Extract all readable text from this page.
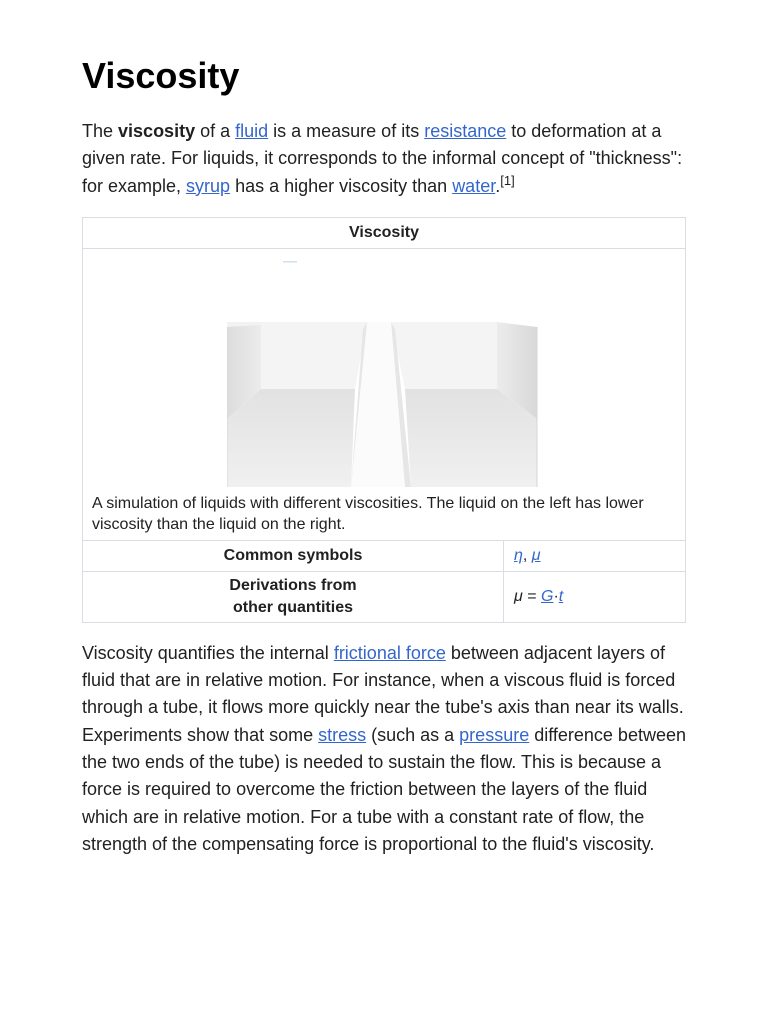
Viscosity

The viscosity of a fluid is a measure of its resistance to deformation at a given rate. For liquids, it corresponds to the informal concept of "thickness": for example, syrup has a higher viscosity than water.[1]

Viscosity	

A simulation of liquids with different viscosities. The liquid on the left has lower viscosity than the liquid on the right.	

Common symbols	η, μ
Derivations from
other quantities	μ = G·t

Viscosity quantifies the internal frictional force between adjacent layers of fluid that are in relative motion. For instance, when a viscous fluid is forced through a tube, it flows more quickly near the tube's axis than near its walls. Experiments show that some stress (such as a pressure difference between the two ends of the tube) is needed to sustain the flow. This is because a force is required to overcome the friction between the layers of the fluid which are in relative motion. For a tube with a constant rate of flow, the strength of the compensating force is proportional to the fluid's viscosity.
